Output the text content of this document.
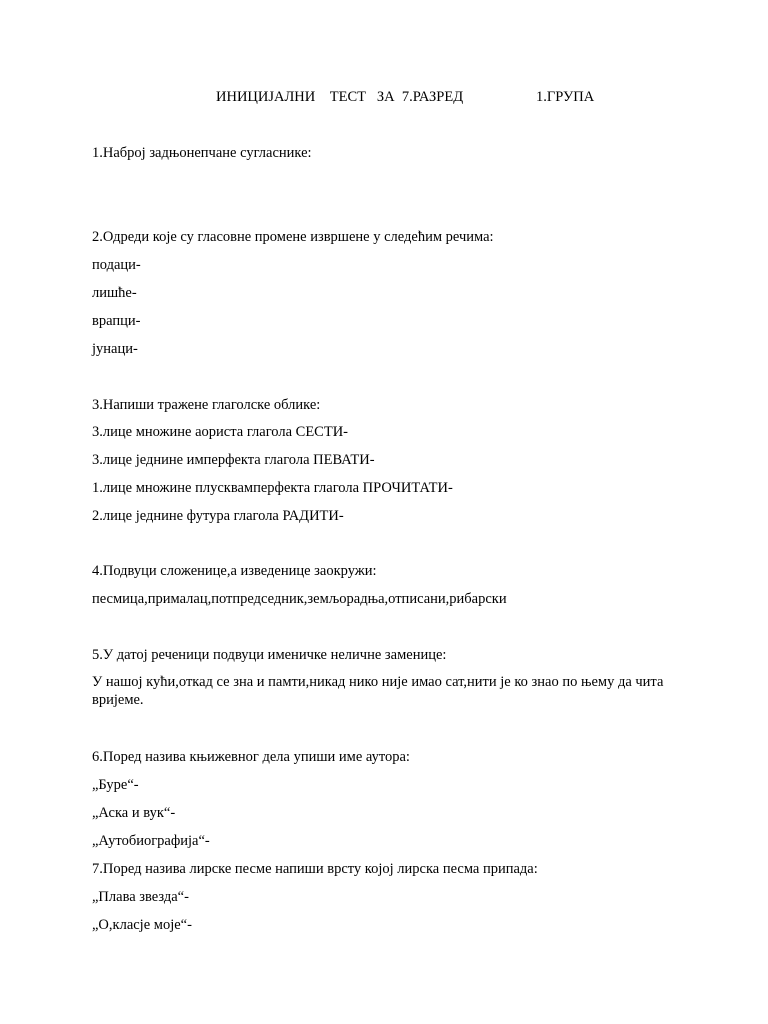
ИНИЦИЈАЛНИ    ТЕСТ   ЗА  7.РАЗРЕД	1.ГРУПА
1.Наброј задњонепчане сугласнике:
2.Одреди које су гласовне промене извршене у следећим речима:
подаци-
лишће-
врапци-
јунаци-
3.Напиши тражене глаголске облике:
3.лице множине аориста глагола СЕСТИ-
3.лице једнине имперфекта глагола ПЕВАТИ-
1.лице множине плусквамперфекта глагола ПРОЧИТАТИ-
2.лице једнине футура глагола РАДИТИ-
4.Подвуци сложенице,а изведенице заокружи:
песмица,прималац,потпредседник,земљорадња,отписани,рибарски
5.У датој реченици подвуци именичке неличне заменице:
У нашој кући,откад се зна и памти,никад нико није имао сат,нити је ко знао по њему да чита вријеме.
6.Поред назива књижевног дела упиши име аутора:
„Буре“-
„Аска и вук“-
„Аутобиографија“-
7.Поред назива лирске песме напиши врсту којој лирска песма припада:
„Плава звезда“-
„О,класје моје“-
